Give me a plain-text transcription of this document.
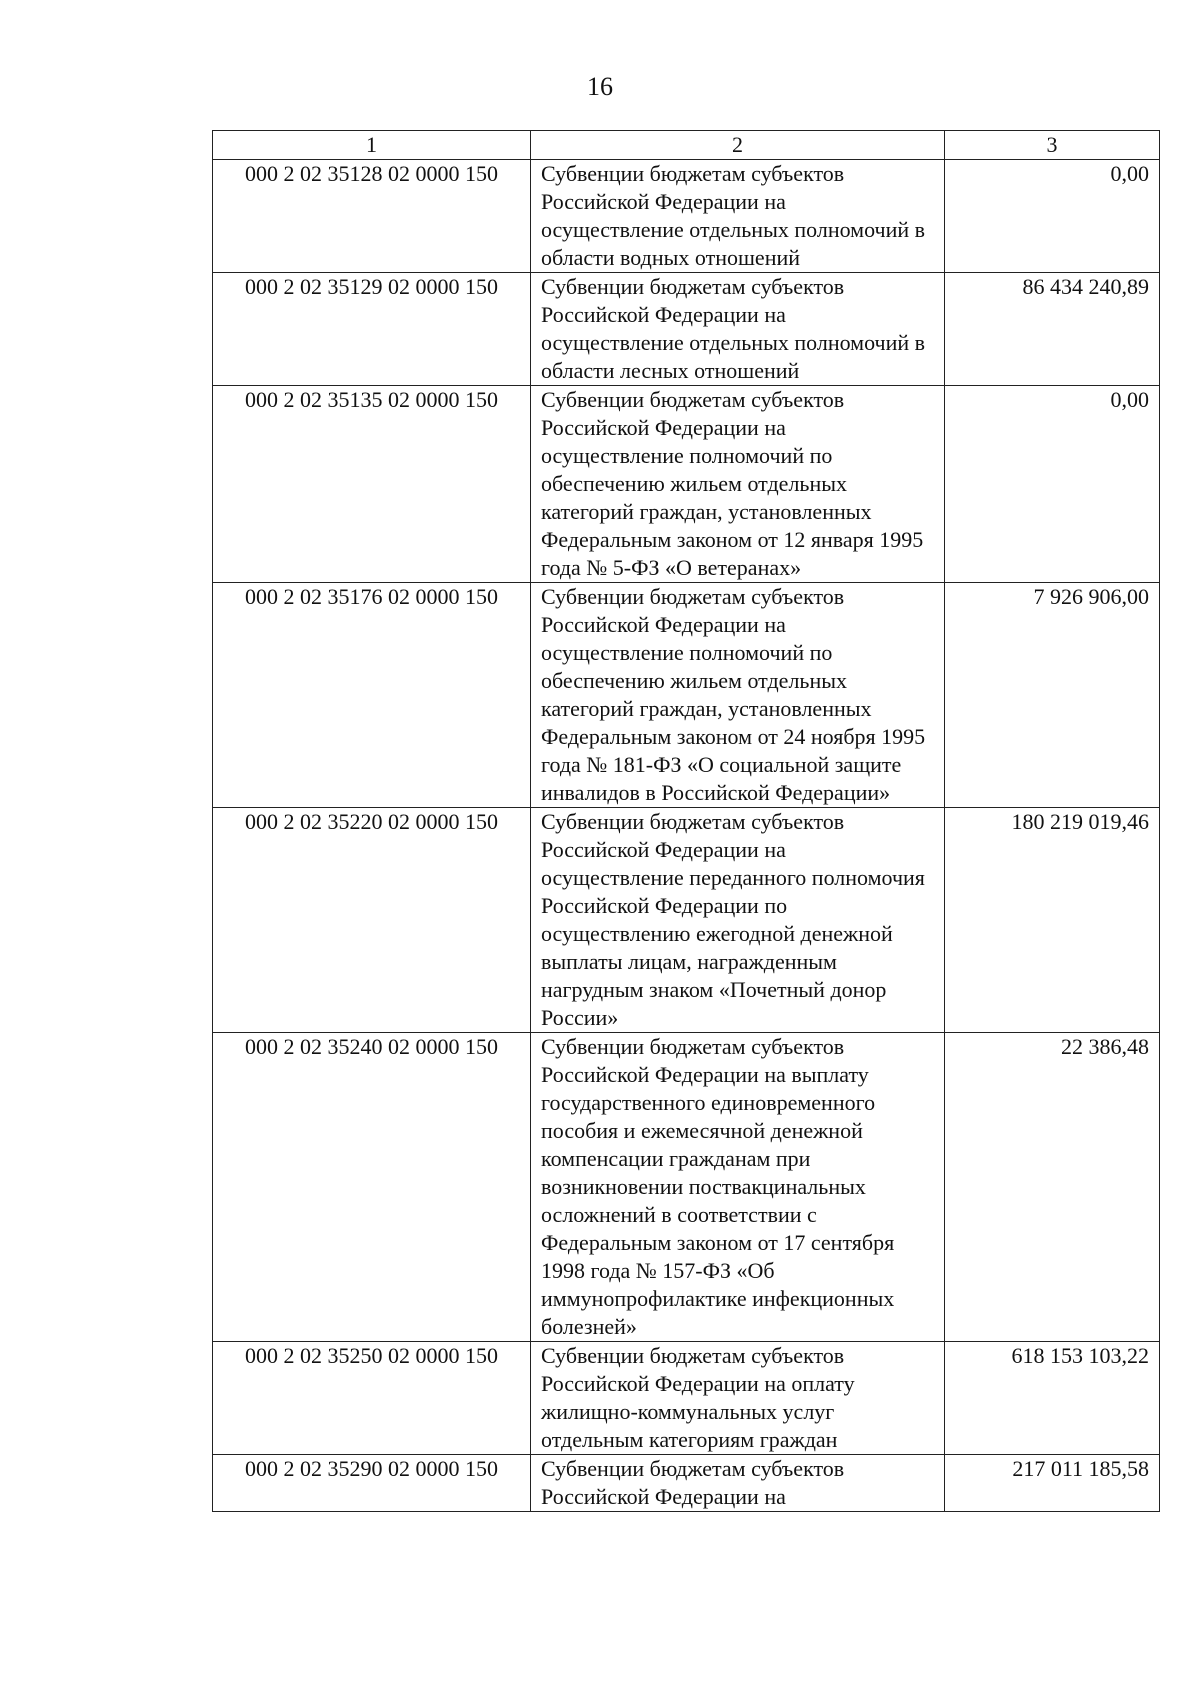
16
1	2	3
000 2 02 35128 02 0000 150	Субвенции бюджетам субъектов Российской Федерации на осуществление отдельных полномочий в области водных отношений	0,00
000 2 02 35129 02 0000 150	Субвенции бюджетам субъектов Российской Федерации на осуществление отдельных полномочий в области лесных отношений	86 434 240,89
000 2 02 35135 02 0000 150	Субвенции бюджетам субъектов Российской Федерации на осуществление полномочий по обеспечению жильем отдельных категорий граждан, установленных Федеральным законом от 12 января 1995 года № 5-ФЗ «О ветеранах»	0,00
000 2 02 35176 02 0000 150	Субвенции бюджетам субъектов Российской Федерации на осуществление полномочий по обеспечению жильем отдельных категорий граждан, установленных Федеральным законом от 24 ноября 1995 года № 181-ФЗ «О социальной защите инвалидов в Российской Федерации»	7 926 906,00
000 2 02 35220 02 0000 150	Субвенции бюджетам субъектов Российской Федерации на осуществление переданного полномочия Российской Федерации по осуществлению ежегодной денежной выплаты лицам, награжденным нагрудным знаком «Почетный донор России»	180 219 019,46
000 2 02 35240 02 0000 150	Субвенции бюджетам субъектов Российской Федерации на выплату государственного единовременного пособия и ежемесячной денежной компенсации гражданам при возникновении поствакцинальных осложнений в соответствии с Федеральным законом от 17 сентября 1998 года № 157-ФЗ «Об иммунопрофилактике инфекционных болезней»	22 386,48
000 2 02 35250 02 0000 150	Субвенции бюджетам субъектов Российской Федерации на оплату жилищно-коммунальных услуг отдельным категориям граждан	618 153 103,22
000 2 02 35290 02 0000 150	Субвенции бюджетам субъектов Российской Федерации на	217 011 185,58
